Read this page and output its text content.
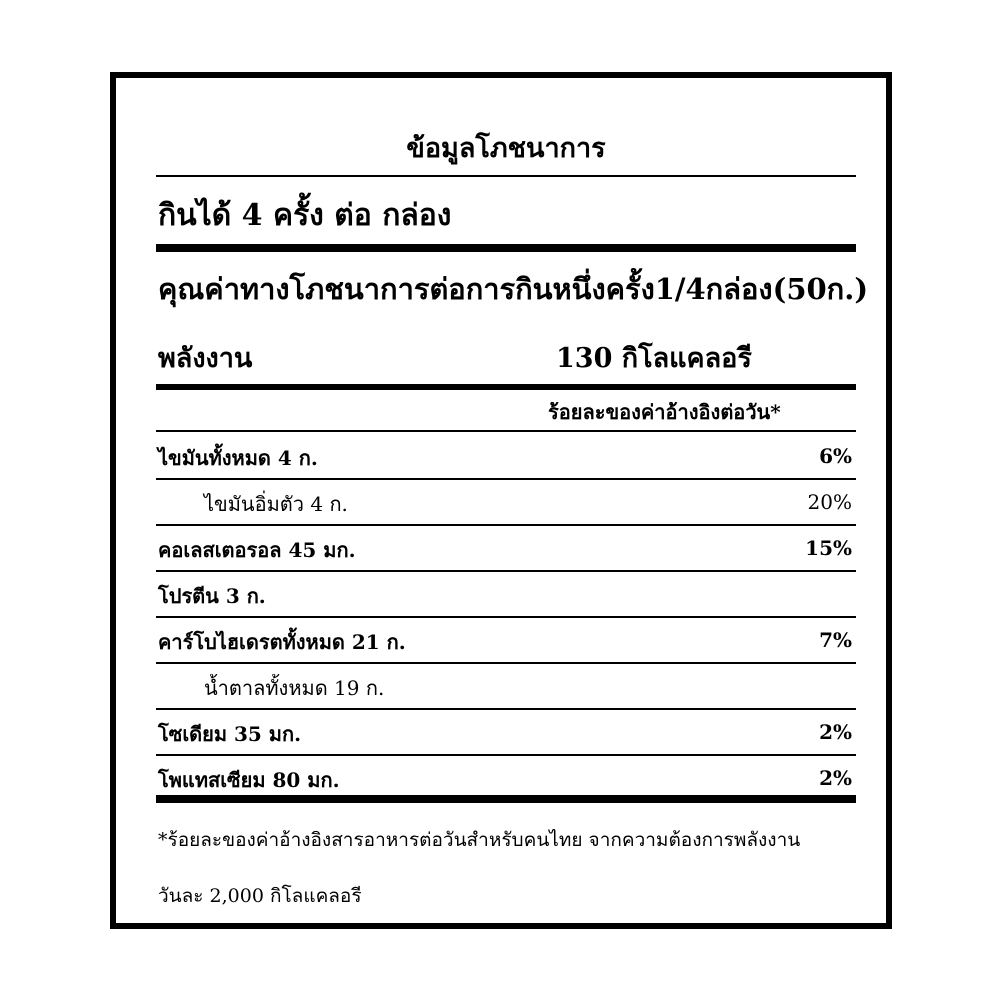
ข้อมูลโภชนาการ
กินได้ 4 ครั้ง ต่อ กล่อง
คุณค่าทางโภชนาการต่อการกินหนึ่งครั้ง1/4กล่อง(50ก.)
พลังงาน	130 กิโลแคลอรี
ร้อยละของค่าอ้างอิงต่อวัน*
ไขมันทั้งหมด 4 ก.	6%
ไขมันอิ่มตัว 4 ก.	20%
คอเลสเตอรอล 45 มก.	15%
โปรตีน 3 ก.
คาร์โบไฮเดรตทั้งหมด 21 ก.	7%
น้ำตาลทั้งหมด 19 ก.
โซเดียม 35 มก.	2%
โพแทสเซียม 80 มก.	2%
*ร้อยละของค่าอ้างอิงสารอาหารต่อวันสำหรับคนไทย จากความต้องการพลังงาน
วันละ 2,000 กิโลแคลอรี
